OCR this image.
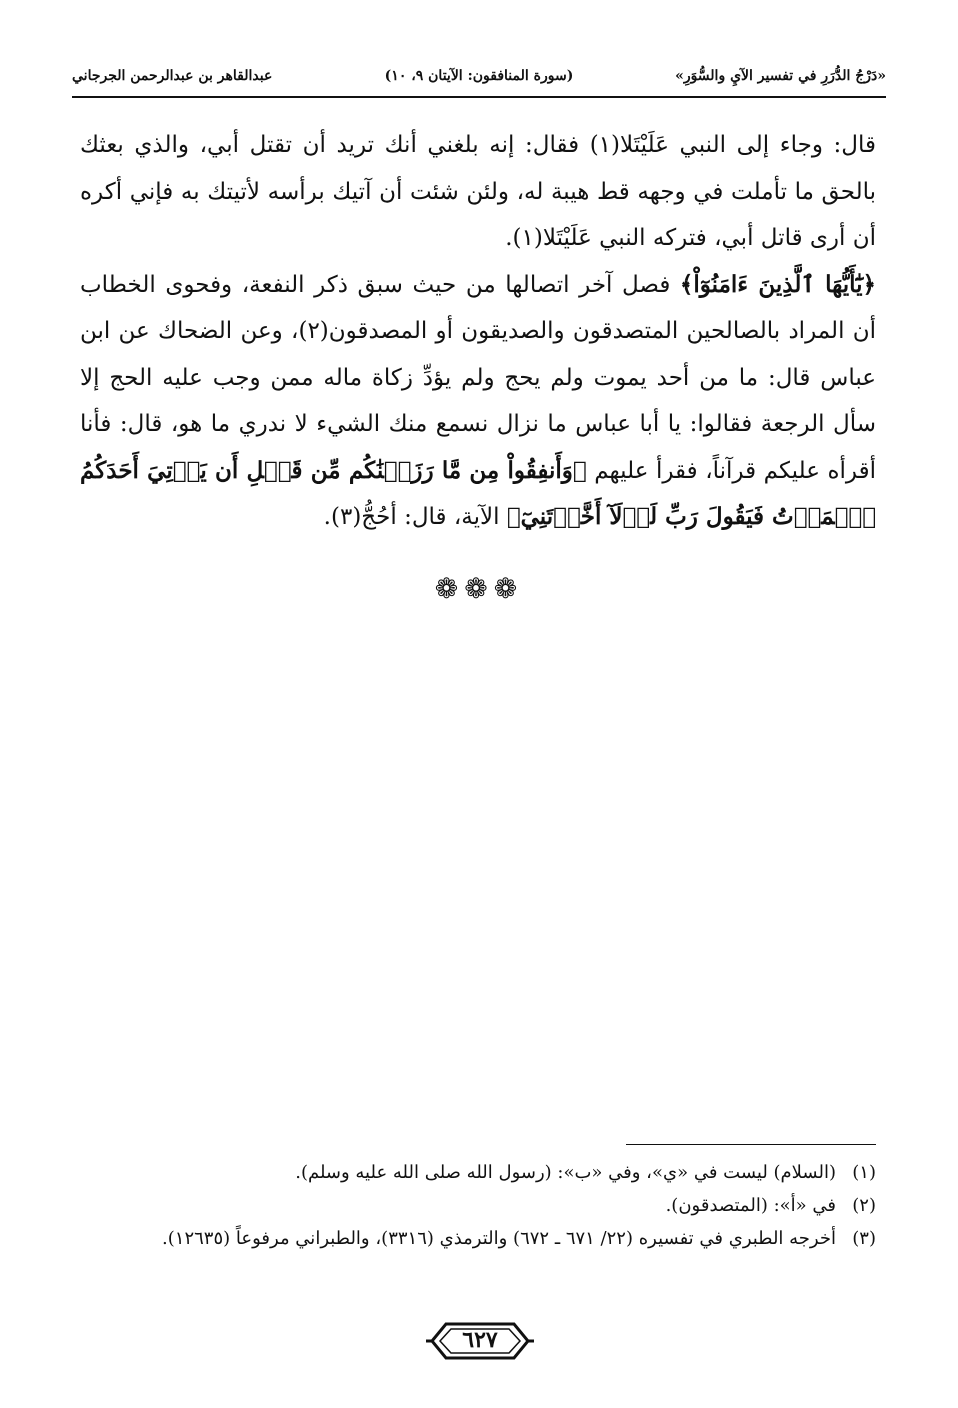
«دَرْجُ الدُّرَرِ في تفسير الآيِ والسُّوَرِ»
(سورة المنافقون: الآيتان ٩، ١٠)
عبدالقاهر بن عبدالرحمن الجرجاني

قال: وجاء إلى النبي عَلَيْتَلا(١) فقال: إنه بلغني أنك تريد أن تقتل أبي، والذي بعثك بالحق ما تأملت في وجهه قط هيبة له، ولئن شئت أن آتيك برأسه لأتيتك به فإني أكره أن أرى قاتل أبي، فتركه النبي عَلَيْتَلا(١).

﴿يَٰٓأَيُّهَا ٱلَّذِينَ ءَامَنُوٓاْ﴾ فصل آخر اتصالها من حيث سبق ذكر النفعة، وفحوى الخطاب أن المراد بالصالحين المتصدقون والصديقون أو المصدقون(٢)، وعن الضحاك عن ابن عباس قال: ما من أحد يموت ولم يحج ولم يؤدِّ زكاة ماله ممن وجب عليه الحج إلا سأل الرجعة فقالوا: يا أبا عباس ما نزال نسمع منك الشيء لا ندري ما هو، قال: فأنا أقرأه عليكم قرآناً، فقرأ عليهم ﴿وَأَنفِقُواْ مِن مَّا رَزَقۡنَٰكُم مِّن قَبۡلِ أَن يَأۡتِيَ أَحَدَكُمُ ٱلۡمَوۡتُ فَيَقُولَ رَبِّ لَوۡلَآ أَخَّرۡتَنِيٓ﴾ الآية، قال: أحُجُّ(٣).

❁❁❁
(١)
(السلام) ليست في «ي»، وفي «ب»: (رسول الله صلى الله عليه وسلم).
(٢)
في «أ»: (المتصدقون).
(٣)
أخرجه الطبري في تفسيره (٢٢/ ٦٧١ ـ ٦٧٢) والترمذي (٣٣١٦)، والطبراني مرفوعاً (١٢٦٣٥).
٦٢٧
